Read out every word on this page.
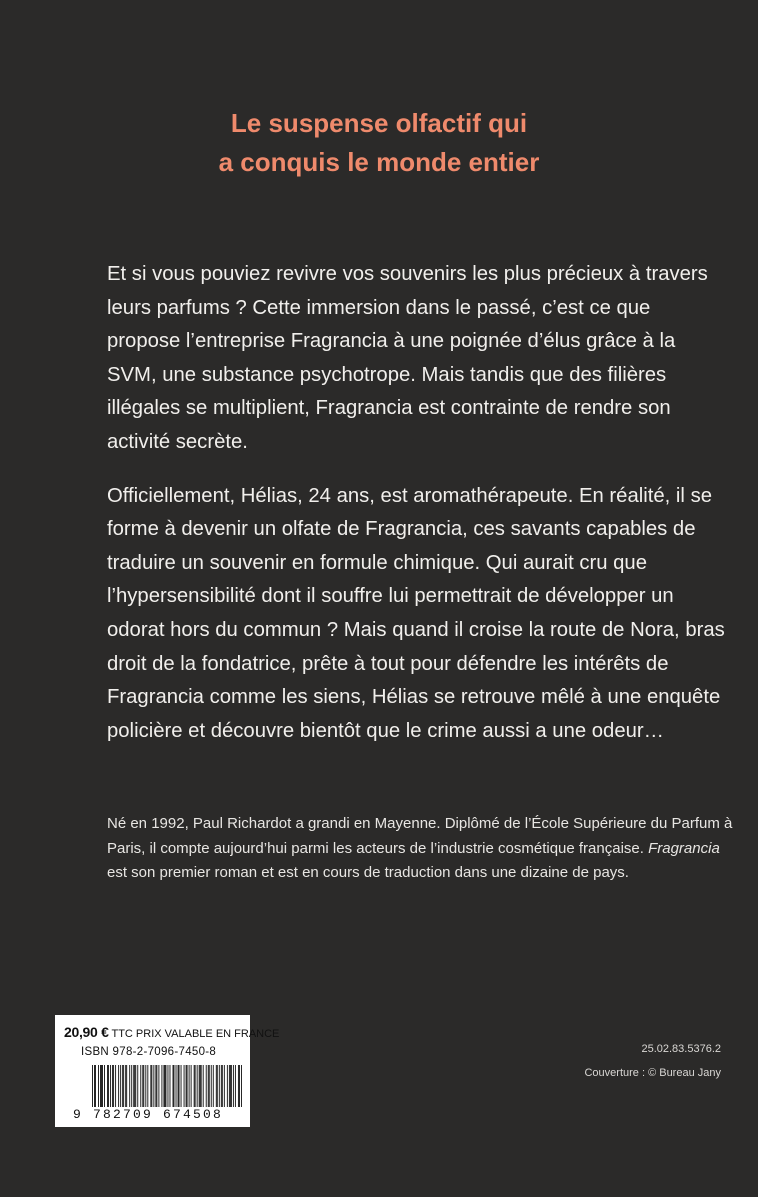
Le suspense olfactif qui
a conquis le monde entier

Et si vous pouviez revivre vos souvenirs les plus précieux à travers leurs parfums ? Cette immersion dans le passé, c’est ce que propose l’entreprise Fragrancia à une poignée d’élus grâce à la SVM, une substance psychotrope. Mais tandis que des filières illégales se multiplient, Fragrancia est contrainte de rendre son activité secrète.

Officiellement, Hélias, 24 ans, est aromathérapeute. En réalité, il se forme à devenir un olfate de Fragrancia, ces savants capables de traduire un souvenir en formule chimique. Qui aurait cru que l’hypersensibilité dont il souffre lui permettrait de développer un odorat hors du commun ? Mais quand il croise la route de Nora, bras droit de la fondatrice, prête à tout pour défendre les intérêts de Fragrancia comme les siens, Hélias se retrouve mêlé à une enquête policière et découvre bientôt que le crime aussi a une odeur…

Né en 1992, Paul Richardot a grandi en Mayenne. Diplômé de l’École Supérieure du Parfum à Paris, il compte aujourd’hui parmi les acteurs de l’industrie cosmétique française. Fragrancia est son premier roman et est en cours de traduction dans une dizaine de pays.

20,90 € TTC PRIX VALABLE EN FRANCE
ISBN 978-2-7096-7450-8
9 782709 674508
25.02.83.5376.2
Couverture : © Bureau Jany
